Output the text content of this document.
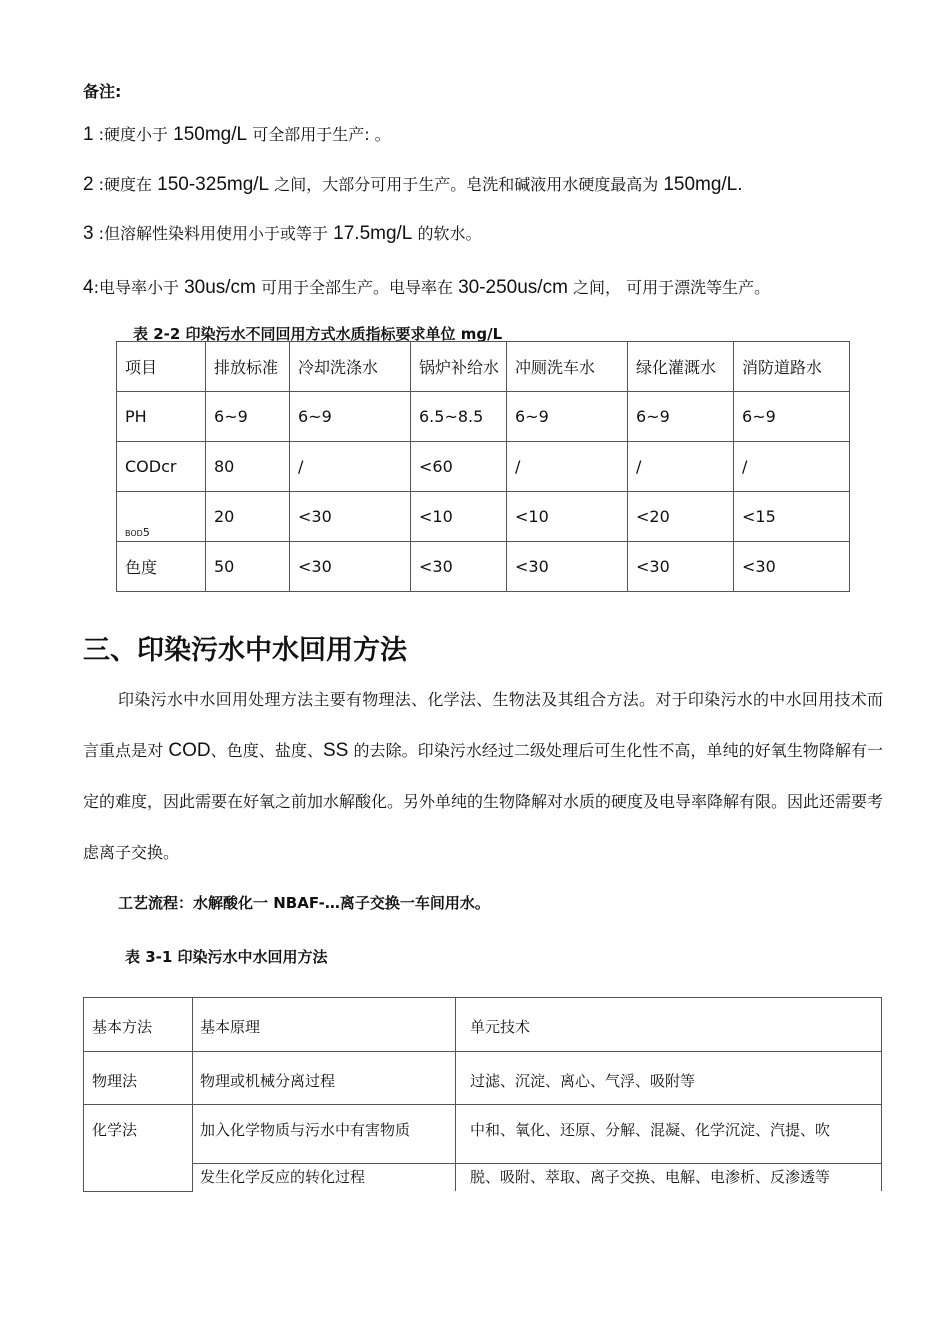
备注:
1 :硬度小于 150mg/L 可全部用于生产: 。
2 :硬度在 150-325mg/L 之间，大部分可用于生产。皂洗和碱液用水硬度最高为 150mg/L.
3 :但溶解性染料用使用小于或等于 17.5mg/L 的软水。
4:电导率小于 30us/cm 可用于全部生产。电导率在 30-250us/cm 之间， 可用于漂洗等生产。
表 2-2 印染污水不同回用方式水质指标要求单位 mg/L
项目	排放标准	冷却洗涤水	锅炉补给水	冲厕洗车水	绿化灌溉水	消防道路水
PH	6~9	6~9	6.5~8.5	6~9	6~9	6~9
CODcr	80	/	<60	/	/	/
$_{BOD5}$	20	<30	<10	<10	<20	<15
色度	50	<30	<30	<30	<30	<30
三、印染污水中水回用方法
印染污水中水回用处理方法主要有物理法、化学法、生物法及其组合方法。对于印染污水的中水回用技术而言重点是对 COD、色度、盐度、SS 的去除。印染污水经过二级处理后可生化性不高，单纯的好氧生物降解有一定的难度，因此需要在好氧之前加水解酸化。另外单纯的生物降解对水质的硬度及电导率降解有限。因此还需要考虑离子交换。
工艺流程：水解酸化一 NBAF-…离子交换一车间用水。
表 3-1 印染污水中水回用方法
基本方法	基本原理	单元技术
物理法	物理或机械分离过程	过滤、沉淀、离心、气浮、吸附等
化学法	加入化学物质与污水中有害物质	中和、氧化、还原、分解、混凝、化学沉淀、汽提、吹
	发生化学反应的转化过程	脱、吸附、萃取、离子交换、电解、电渗析、反渗透等
